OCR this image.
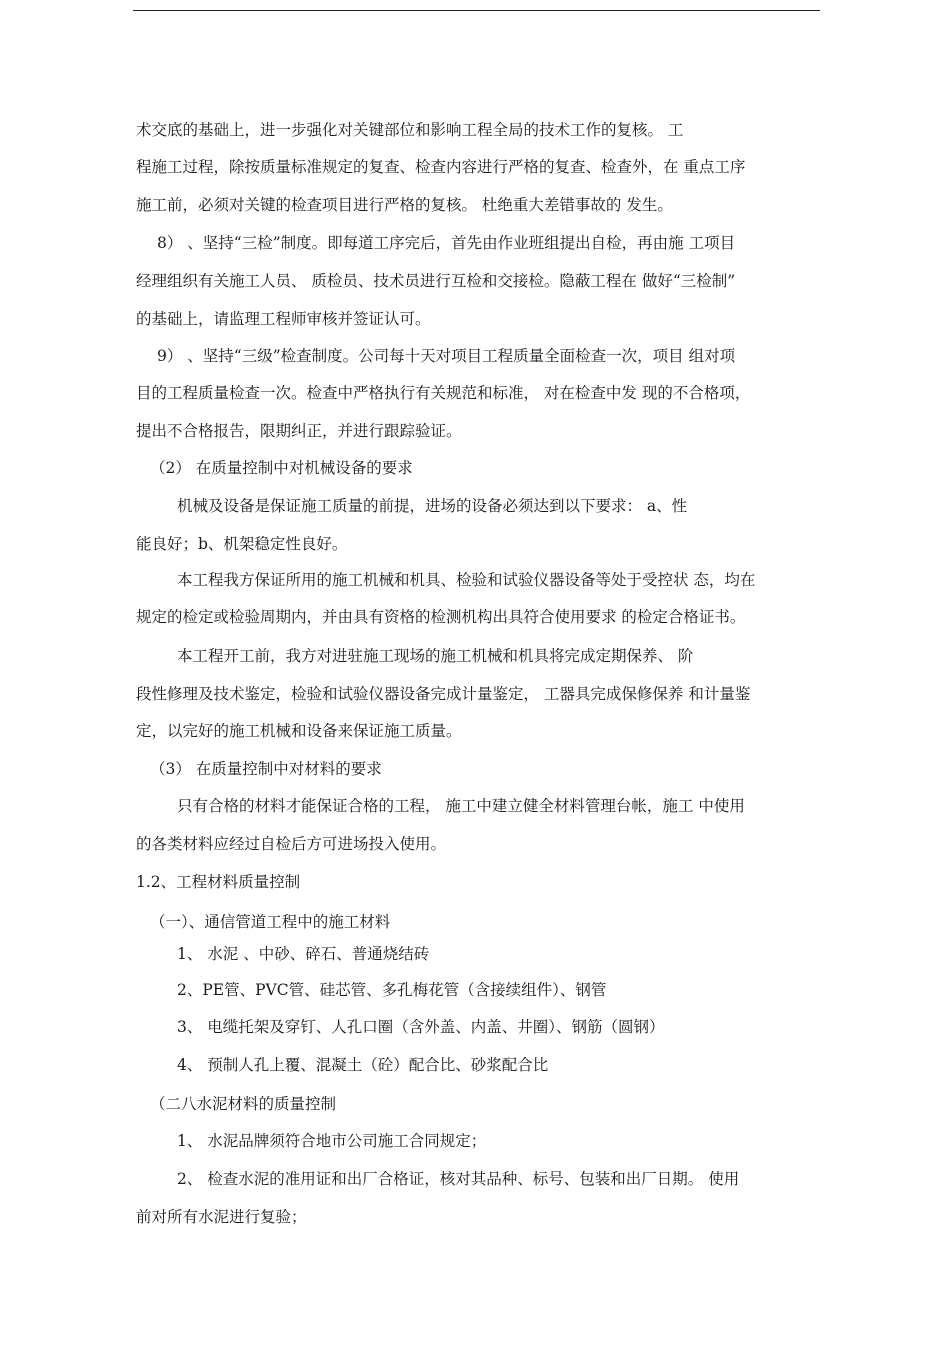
术交底的基础上，进一步强化对关键部位和影响工程全局的技术工作的复核。 工
程施工过程，除按质量标准规定的复查、检查内容进行严格的复查、检查外，在 重点工序
施工前，必须对关键的检查项目进行严格的复核。 杜绝重大差错事故的 发生。
8） 、坚持“三检”制度。即每道工序完后，首先由作业班组提出自检，再由施 工项目
经理组织有关施工人员、 质检员、技术员进行互检和交接检。隐蔽工程在 做好“三检制”
的基础上，请监理工程师审核并签证认可。
9） 、坚持“三级”检查制度。公司每十天对项目工程质量全面检查一次，项目 组对项
目的工程质量检查一次。检查中严格执行有关规范和标准， 对在检查中发 现的不合格项，
提出不合格报告，限期纠正，并进行跟踪验证。
（2） 在质量控制中对机械设备的要求
机械及设备是保证施工质量的前提，进场的设备必须达到以下要求： a、性
能良好；b、机架稳定性良好。
本工程我方保证所用的施工机械和机具、检验和试验仪器设备等处于受控状 态，均在
规定的检定或检验周期内，并由具有资格的检测机构出具符合使用要求 的检定合格证书。
本工程开工前，我方对进驻施工现场的施工机械和机具将完成定期保养、 阶
段性修理及技术鉴定，检验和试验仪器设备完成计量鉴定， 工器具完成保修保养 和计量鉴
定，以完好的施工机械和设备来保证施工质量。
（3） 在质量控制中对材料的要求
只有合格的材料才能保证合格的工程， 施工中建立健全材料管理台帐，施工 中使用
的各类材料应经过自检后方可进场投入使用。
1.2、工程材料质量控制
（一）、通信管道工程中的施工材料
1、 水泥 、中砂、碎石、普通烧结砖
2、PE管、PVC管、硅芯管、多孔梅花管（含接续组件）、钢管
3、 电缆托架及穿钉、人孔口圈（含外盖、内盖、井圈）、钢筋（圆钢）
4、 预制人孔上覆、混凝土（砼）配合比、砂浆配合比
（二八水泥材料的质量控制
1、 水泥品牌须符合地市公司施工合同规定；
2、 检查水泥的准用证和出厂合格证，核对其品种、标号、包装和出厂日期。 使用
前对所有水泥进行复验；
